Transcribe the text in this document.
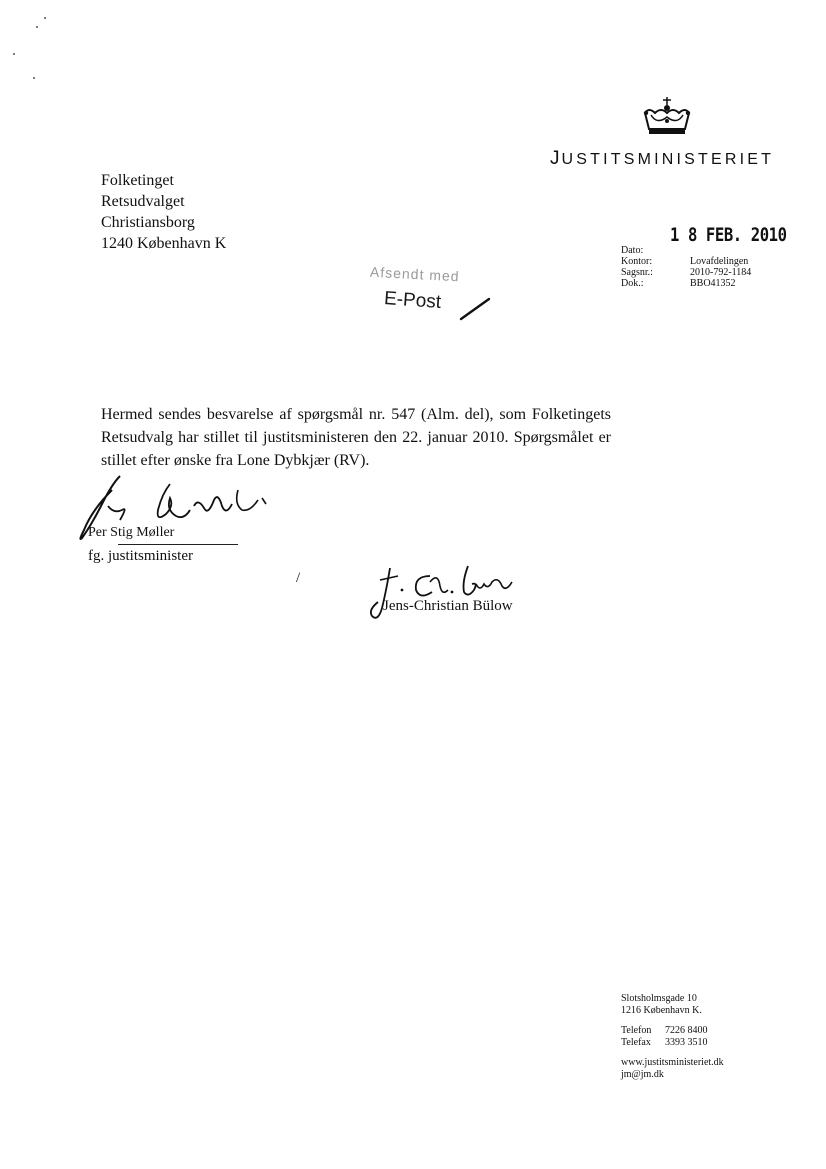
JUSTITSMINISTERIET
Folketinget
Retsudvalget
Christiansborg
1240 København K	1 8 FEB. 2010
Dato:
Kontor:	Lovafdelingen
Sagsnr.:	2010-792-1184
Dok.:	BBO41352
Afsendt med
E-Post

Hermed sendes besvarelse af spørgsmål nr. 547 (Alm. del), som Folketingets Retsudvalg har stillet til justitsministeren den 22. januar 2010. Spørgsmålet er stillet efter ønske fra Lone Dybkjær (RV).

Per Stig Møller
fg. justitsminister
/
Jens-Christian Bülow
Slotsholmsgade 10
1216 København K.
Telefon	7226 8400
Telefax	3393 3510
www.justitsministeriet.dk
jm@jm.dk
